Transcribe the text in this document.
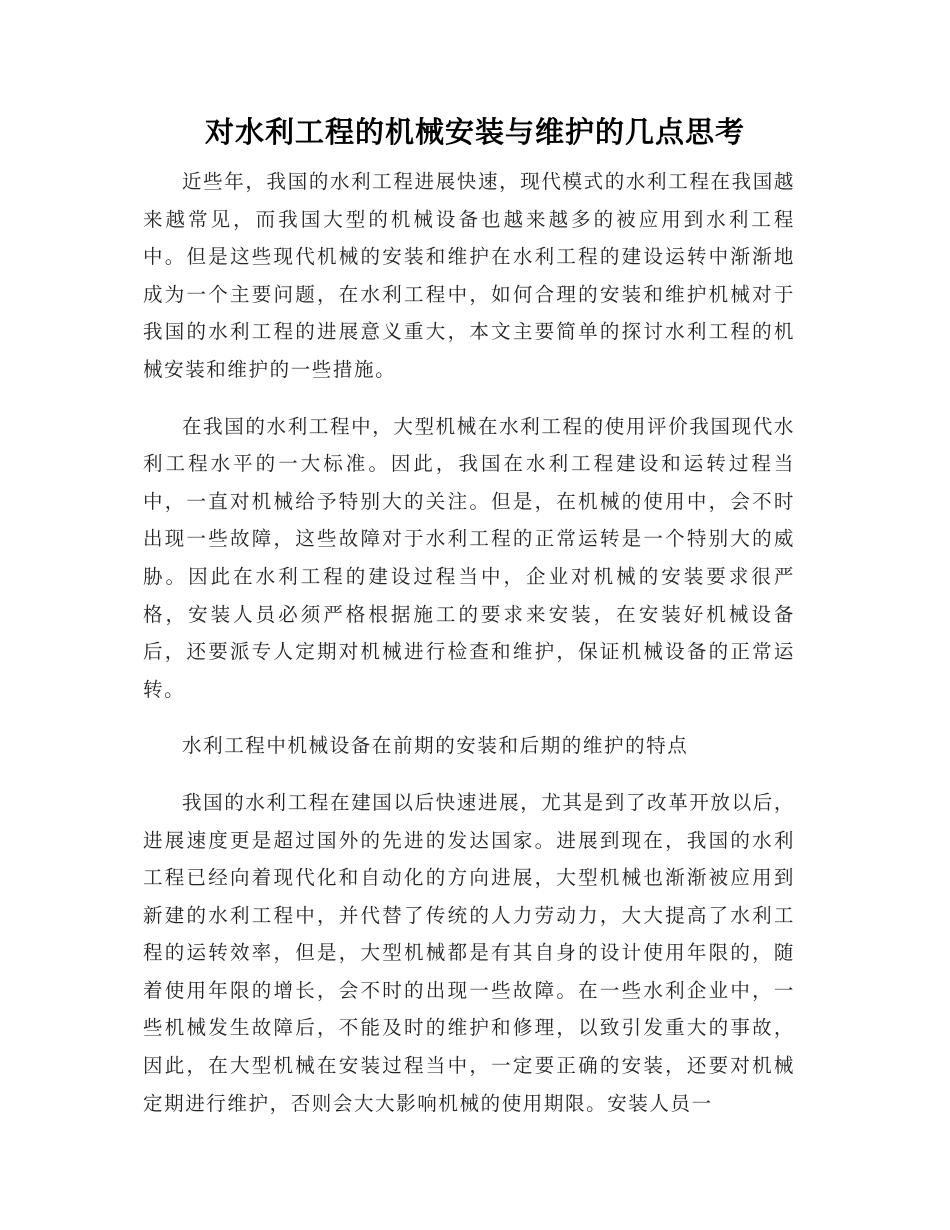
对水利工程的机械安装与维护的几点思考

近些年，我国的水利工程进展快速，现代模式的水利工程在我国越来越常见，而我国大型的机械设备也越来越多的被应用到水利工程中。但是这些现代机械的安装和维护在水利工程的建设运转中渐渐地成为一个主要问题，在水利工程中，如何合理的安装和维护机械对于我国的水利工程的进展意义重大，本文主要简单的探讨水利工程的机械安装和维护的一些措施。

在我国的水利工程中，大型机械在水利工程的使用评价我国现代水利工程水平的一大标准。因此，我国在水利工程建设和运转过程当中，一直对机械给予特别大的关注。但是，在机械的使用中，会不时出现一些故障，这些故障对于水利工程的正常运转是一个特别大的威胁。因此在水利工程的建设过程当中，企业对机械的安装要求很严格，安装人员必须严格根据施工的要求来安装，在安装好机械设备后，还要派专人定期对机械进行检查和维护，保证机械设备的正常运转。

水利工程中机械设备在前期的安装和后期的维护的特点

我国的水利工程在建国以后快速进展，尤其是到了改革开放以后，进展速度更是超过国外的先进的发达国家。进展到现在，我国的水利工程已经向着现代化和自动化的方向进展，大型机械也渐渐被应用到新建的水利工程中，并代替了传统的人力劳动力，大大提高了水利工程的运转效率，但是，大型机械都是有其自身的设计使用年限的，随着使用年限的增长，会不时的出现一些故障。在一些水利企业中，一些机械发生故障后，不能及时的维护和修理，以致引发重大的事故，因此，在大型机械在安装过程当中，一定要正确的安装，还要对机械定期进行维护，否则会大大影响机械的使用期限。安装人员一
